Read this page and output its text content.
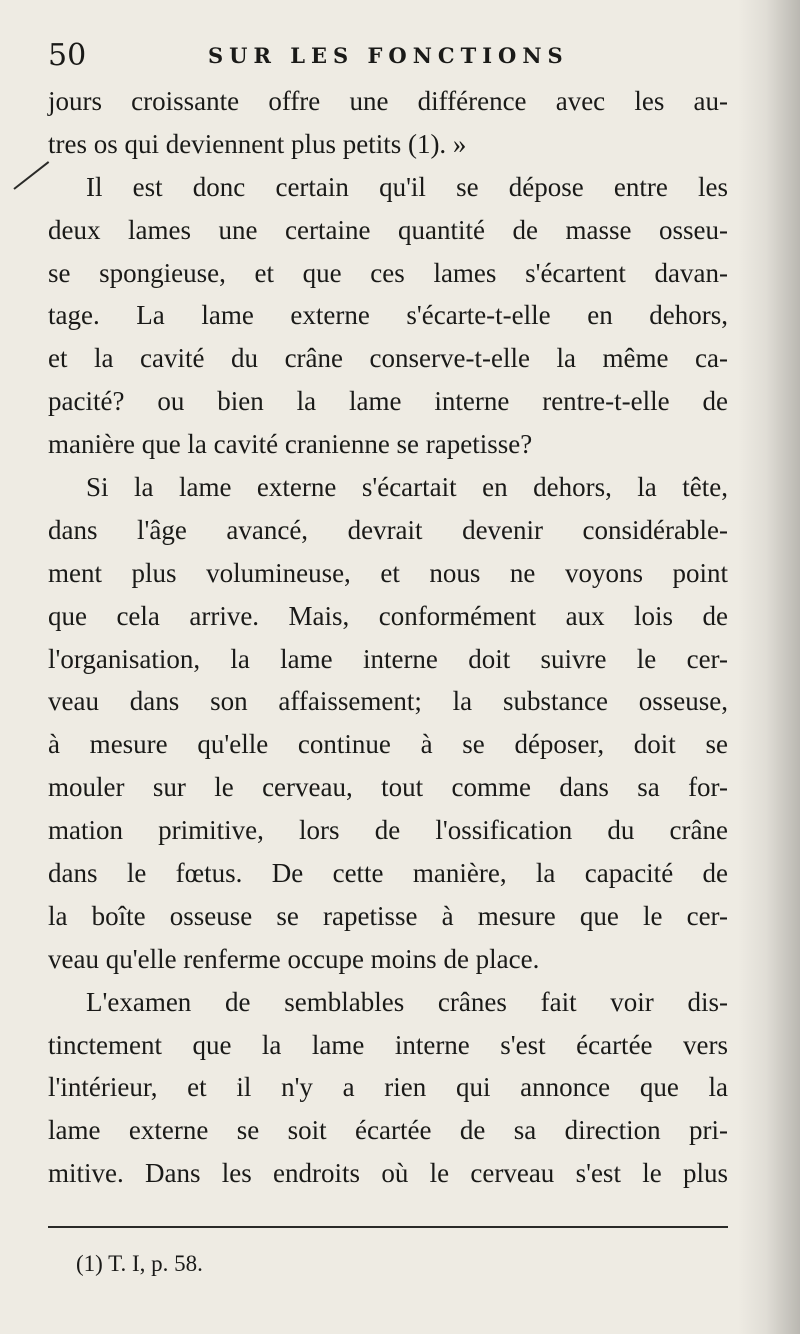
50	SUR LES FONCTIONS
jours croissante offre une différence avec les au-
tres os qui deviennent plus petits (1). »
Il est donc certain qu'il se dépose entre les
deux lames une certaine quantité de masse osseu-
se spongieuse, et que ces lames s'écartent davan-
tage. La lame externe s'écarte-t-elle en dehors,
et la cavité du crâne conserve-t-elle la même ca-
pacité? ou bien la lame interne rentre-t-elle de
manière que la cavité cranienne se rapetisse?
Si la lame externe s'écartait en dehors, la tête,
dans l'âge avancé, devrait devenir considérable-
ment plus volumineuse, et nous ne voyons point
que cela arrive. Mais, conformément aux lois de
l'organisation, la lame interne doit suivre le cer-
veau dans son affaissement; la substance osseuse,
à mesure qu'elle continue à se déposer, doit se
mouler sur le cerveau, tout comme dans sa for-
mation primitive, lors de l'ossification du crâne
dans le fœtus. De cette manière, la capacité de
la boîte osseuse se rapetisse à mesure que le cer-
veau qu'elle renferme occupe moins de place.
L'examen de semblables crânes fait voir dis-
tinctement que la lame interne s'est écartée vers
l'intérieur, et il n'y a rien qui annonce que la
lame externe se soit écartée de sa direction pri-
mitive. Dans les endroits où le cerveau s'est le plus
(1) T. I, p. 58.
